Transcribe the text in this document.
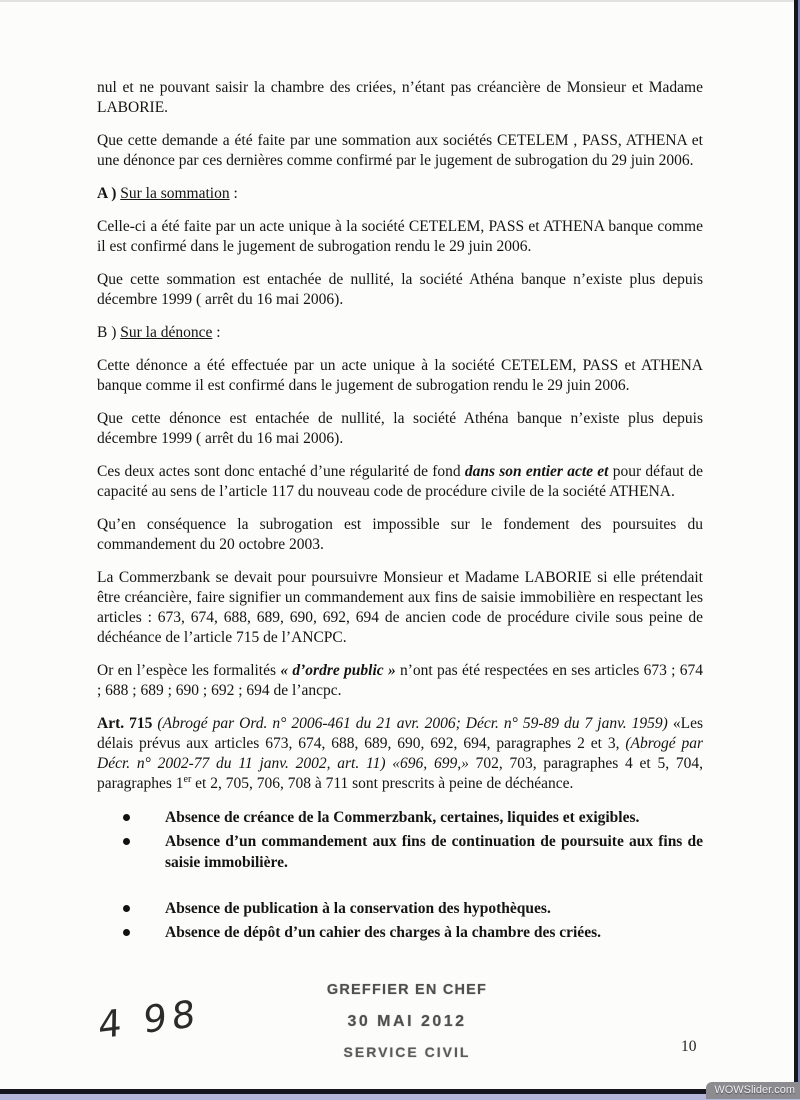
nul et ne pouvant saisir la chambre des criées, n’étant pas créancière de Monsieur et Madame LABORIE.

Que cette demande a été faite par une sommation aux sociétés CETELEM , PASS, ATHENA et une dénonce par ces dernières comme confirmé par le jugement de subrogation du 29 juin 2006.

A ) Sur la sommation :

Celle-ci a été faite par un acte unique à la société CETELEM, PASS et ATHENA banque comme il est confirmé dans le jugement de subrogation rendu le 29 juin 2006.

Que cette sommation est entachée de nullité, la société Athéna banque n’existe plus depuis décembre 1999 ( arrêt du 16 mai 2006).

B ) Sur la dénonce :

Cette dénonce a été effectuée par un acte unique à la société CETELEM, PASS et ATHENA banque comme il est confirmé dans le jugement de subrogation rendu le 29 juin 2006.

Que cette dénonce est entachée de nullité, la société Athéna banque n’existe plus depuis décembre 1999 ( arrêt du 16 mai 2006).

Ces deux actes sont donc entaché d’une régularité de fond dans son entier acte et pour défaut de capacité au sens de l’article 117 du nouveau code de procédure civile de la société ATHENA.

Qu’en conséquence la subrogation est impossible sur le fondement des poursuites du commandement du 20 octobre 2003.

La Commerzbank se devait pour poursuivre Monsieur et Madame LABORIE si elle prétendait être créancière, faire signifier un commandement aux fins de saisie immobilière en respectant les articles : 673, 674, 688, 689, 690, 692, 694 de ancien code de procédure civile sous peine de déchéance de l’article 715 de l’ANCPC.

Or en l’espèce les formalités « d’ordre public » n’ont pas été respectées en ses articles 673 ; 674 ; 688 ; 689 ; 690 ; 692 ; 694 de l’ancpc.

Art. 715 (Abrogé par Ord. n° 2006-461 du 21 avr. 2006; Décr. n° 59-89 du 7 janv. 1959) «Les délais prévus aux articles 673, 674, 688, 689, 690, 692, 694, paragraphes 2 et 3, (Abrogé par Décr. n° 2002-77 du 11 janv. 2002, art. 11) «696, 699,» 702, 703, paragraphes 4 et 5, 704, paragraphes 1er et 2, 705, 706, 708 à 711 sont prescrits à peine de déchéance.

Absence de créance de la Commerzbank, certaines, liquides et exigibles.
Absence d’un commandement aux fins de continuation de poursuite aux fins de saisie immobilière.
Absence de publication à la conservation des hypothèques.
Absence de dépôt d’un cahier des charges à la chambre des criées.
4 98
GREFFIER EN CHEF
30 MAI 2012
SERVICE CIVIL	10
WOWSlider.com
